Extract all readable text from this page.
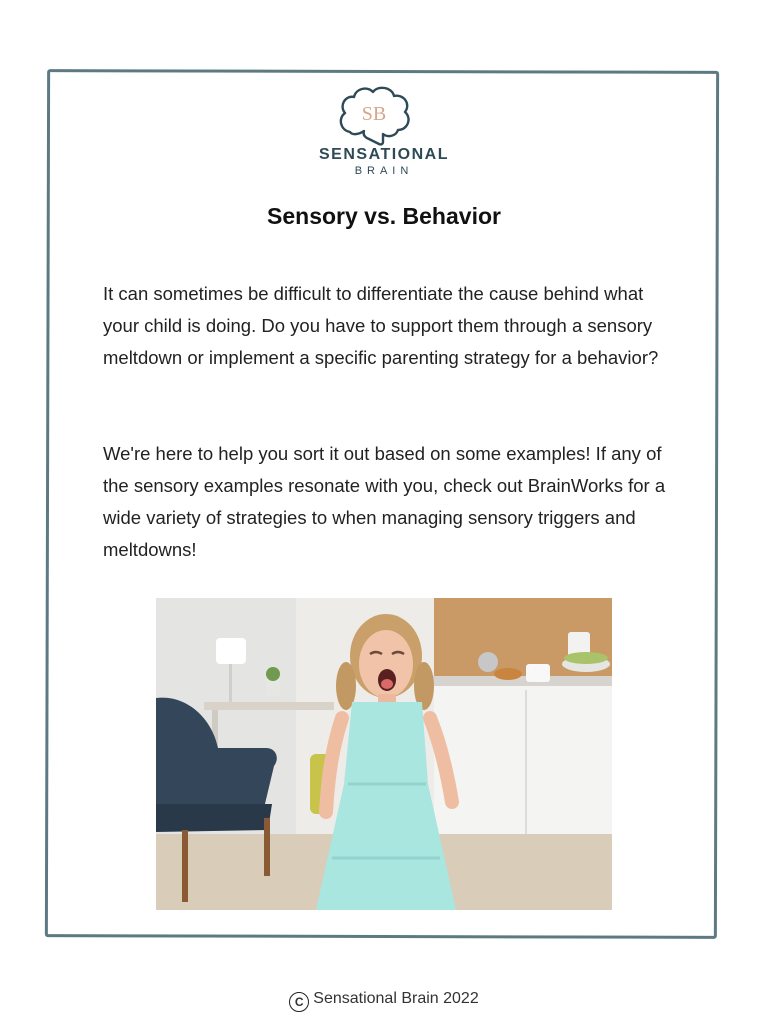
SB
SENSATIONAL
BRAIN
Sensory vs. Behavior

It can sometimes be difficult to differentiate the cause behind what your child is doing. Do you have to support them through a sensory meltdown or implement a specific parenting strategy for a behavior?

We're here to help you sort it out based on some examples! If any of the sensory examples resonate with you, check out BrainWorks for a wide variety of strategies to when managing sensory triggers and meltdowns!

C Sensational Brain 2022
